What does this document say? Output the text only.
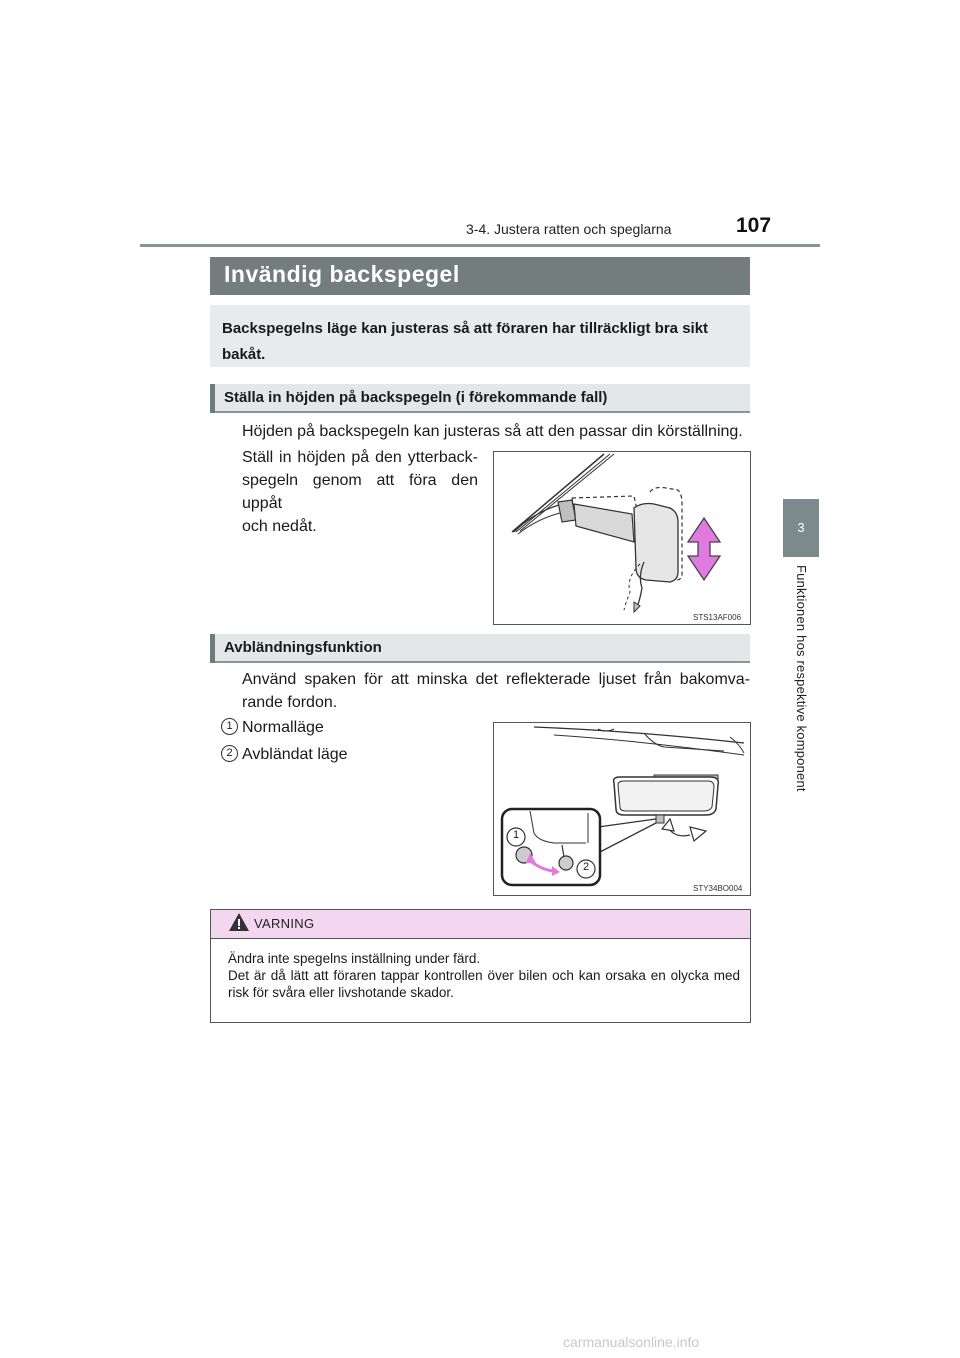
3-4. Justera ratten och speglarna	107
3
Funktionen hos respektive komponent
Invändig backspegel
Backspegelns läge kan justeras så att föraren har tillräckligt bra sikt bakåt.
Ställa in höjden på backspegeln (i förekommande fall)
Höjden på backspegeln kan justeras så att den passar din körställning.
Ställ in höjden på den ytterback-
spegeln genom att föra den uppåt
och nedåt.
STS13AF006
Avbländningsfunktion
Använd spaken för att minska det reflekterade ljuset från bakomva-
rande fordon.
1 Normalläge
2 Avbländat läge
1
2
STY34BO004
VARNING
Ändra inte spegelns inställning under färd.
Det är då lätt att föraren tappar kontrollen över bilen och kan orsaka en olycka med risk för svåra eller livshotande skador.
carmanualsonline.info
